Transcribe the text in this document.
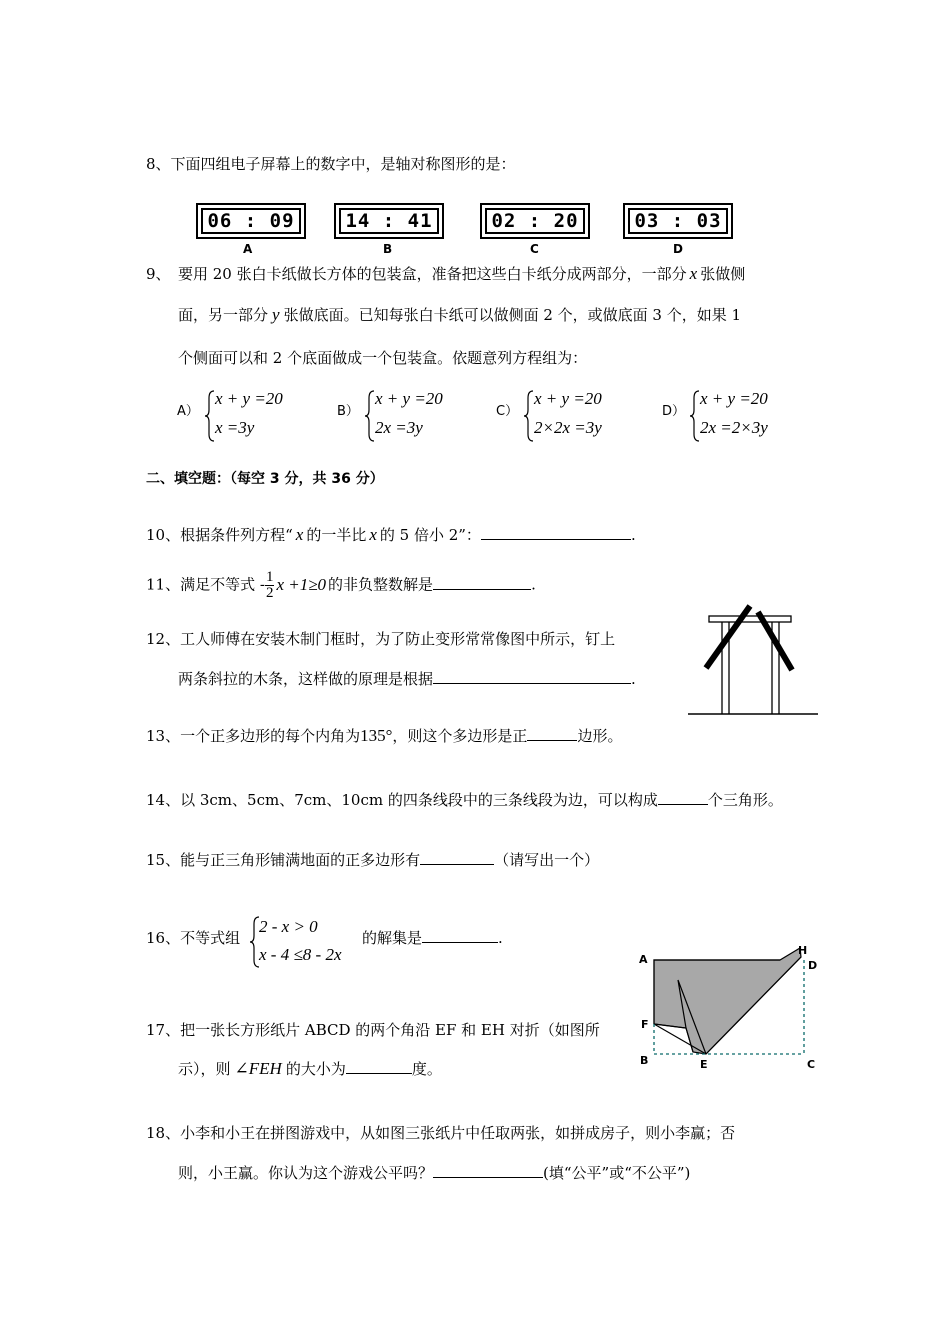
8、下面四组电子屏幕上的数字中，是轴对称图形的是：
06 : 09	14 : 41	02 : 20	03 : 03
A	B	C	D
9、 要用 20 张白卡纸做长方体的包装盒，准备把这些白卡纸分成两部分，一部分 x 张做侧
面，另一部分 y 张做底面。已知每张白卡纸可以做侧面 2 个，或做底面 3 个，如果 1
个侧面可以和 2 个底面做成一个包装盒。依题意列方程组为：
A）
x + y =20
x =3y
B）
x + y =20
2x =3y
C）
x + y =20
2×2x =3y
D）
x + y =20
2x =2×3y
二、填空题：（每空 3 分，共 36 分）
10、根据条件列方程“ x 的一半比 x 的 5 倍小 2”：	.
11、满足不等式 - $\frac{1}{2}$ x +1≥0 的非负整数解是	.
12、工人师傅在安装木制门框时，为了防止变形常常像图中所示，钉上
两条斜拉的木条，这样做的原理是根据	.
13、一个正多边形的每个内角为135°，则这个多边形是正	边形。
14、以 3cm、5cm、7cm、10cm 的四条线段中的三条线段为边，可以构成	个三角形。
15、能与正三角形铺满地面的正多边形有	（请写出一个）
16、不等式组
2 - x > 0
x - 4 ≤8 - 2x
的解集是	.
17、把一张长方形纸片 ABCD 的两个角沿 EF 和 EH 对折（如图所
示），则 ∠FEH 的大小为	度。
A
H
D
F
B	E	C
18、小李和小王在拼图游戏中，从如图三张纸片中任取两张，如拼成房子，则小李赢；否
则，小王赢。你认为这个游戏公平吗？	(填“公平”或“不公平”)
